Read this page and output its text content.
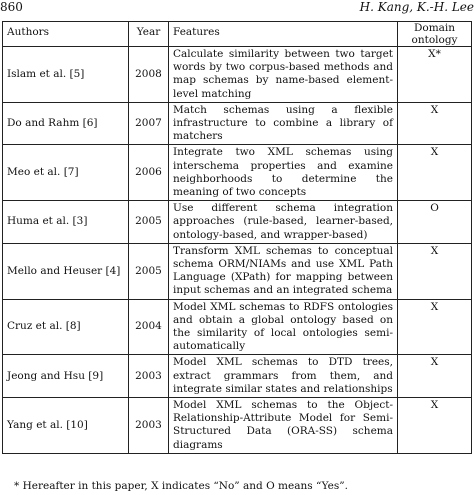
860	H. Kang, K.-H. Lee
Authors	Year	Features	Domain ontology
Islam et al. [5]	2008	Calculate similarity between two target words by two corpus-based methods and map schemas by name-based element-level matching	X*
Do and Rahm [6]	2007	Match schemas using a flexible infrastructure to combine a library of matchers	X
Meo et al. [7]	2006	Integrate two XML schemas using interschema properties and examine neighborhoods to determine the meaning of two concepts	X
Huma et al. [3]	2005	Use different schema integration approaches (rule-based, learner-based, ontology-based, and wrapper-based)	O
Mello and Heuser [4]	2005	Transform XML schemas to conceptual schema ORM/NIAMs and use XML Path Language (XPath) for mapping between input schemas and an integrated schema	X
Cruz et al. [8]	2004	Model XML schemas to RDFS ontologies and obtain a global ontology based on the similarity of local ontologies semi-automatically	X
Jeong and Hsu [9]	2003	Model XML schemas to DTD trees, extract grammars from them, and integrate similar states and relationships	X
Yang et al. [10]	2003	Model XML schemas to the Object-Relationship-Attribute Model for Semi-Structured Data (ORA-SS) schema diagrams	X
* Hereafter in this paper, X indicates “No” and O means “Yes”.
